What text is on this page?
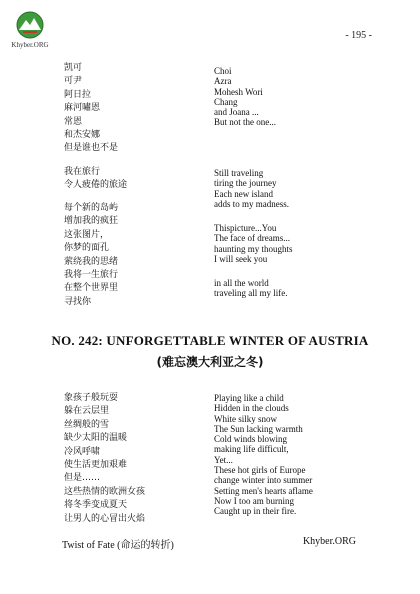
Khyber.ORG
- 195 -
凯可
可尹
阿日拉
麻河嘯恩
常恩
和杰安娜
但是谁也不是
Choi
Azra
Mohesh Wori
Chang
and Joana ...
But not the one...
我在旅行
令人疲倦的旅途
每个新的岛屿
增加我的疯狂
这张图片，
你梦的面孔
萦绕我的思绪
我将一生旅行
在整个世界里
寻找你
Still traveling
tiring the journey
Each new island
adds to my madness.
Thispicture...You
The face of dreams...
haunting my thoughts
I will seek you
in all the world
traveling all my life.
NO. 242: UNFORGETTABLE WINTER OF AUSTRIA
(难忘澳大利亚之冬)
象孩子般玩耍
躲在云层里
丝绸般的雪
缺少太阳的温暖
冷风呼啸
使生活更加艰难
但是……
这些热情的欧洲女孩
将冬季变成夏天
让男人的心冒出火焰
Playing like a child
Hidden in the clouds
White silky snow
The Sun lacking warmth
Cold winds blowing
making life difficult,
Yet...
These hot girls of Europe
change winter into summer
Setting men's hearts aflame
Now I too am burning
Caught up in their fire.
Twist of Fate (命运的转折)	Khyber.ORG
